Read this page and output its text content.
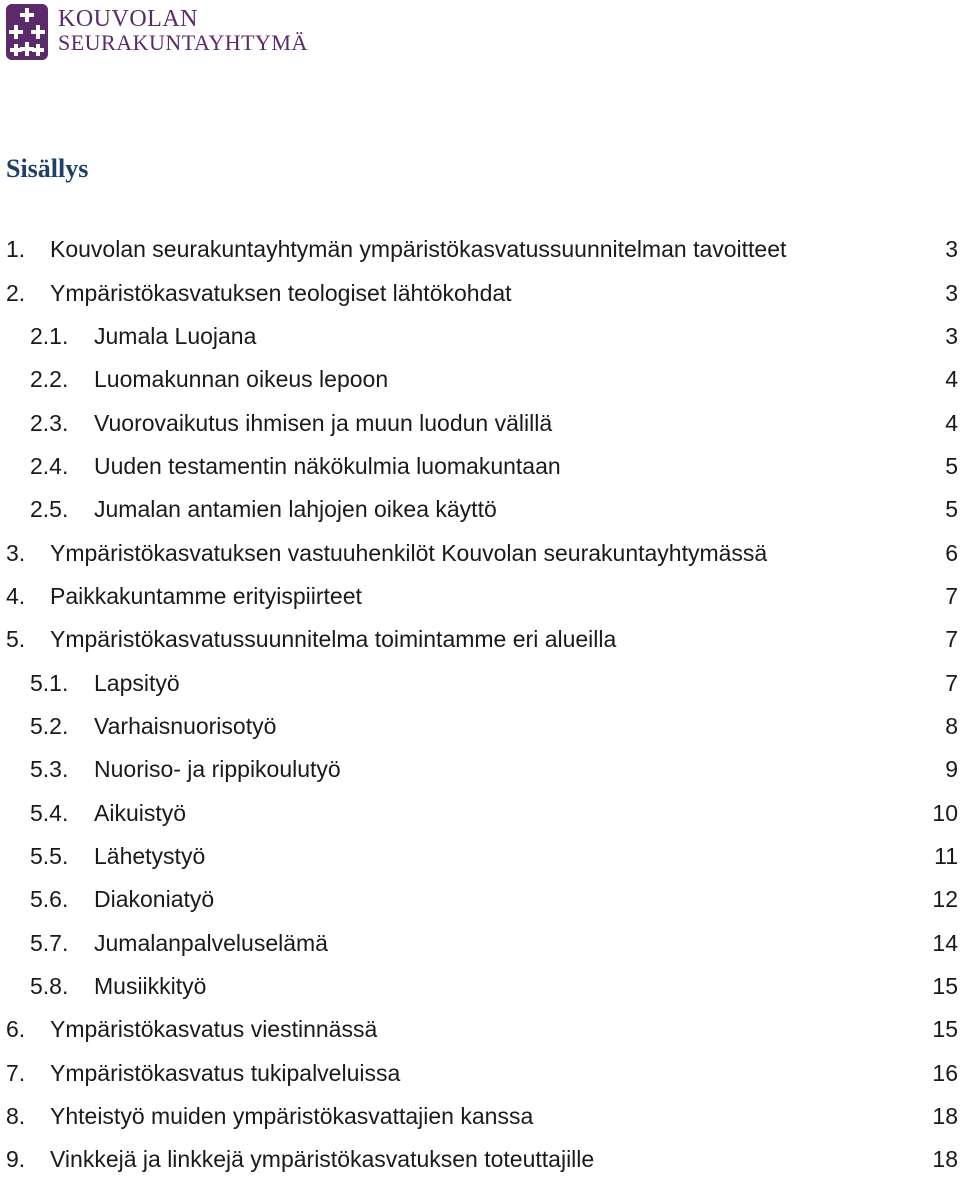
KOUVOLAN
SEURAKUNTAYHTYMÄ
Sisällys
1.	Kouvolan seurakuntayhtymän ympäristökasvatussuunnitelman tavoitteet	3
2.	Ympäristökasvatuksen teologiset lähtökohdat	3
2.1.	Jumala Luojana	3
2.2.	Luomakunnan oikeus lepoon	4
2.3.	Vuorovaikutus ihmisen ja muun luodun välillä	4
2.4.	Uuden testamentin näkökulmia luomakuntaan	5
2.5.	Jumalan antamien lahjojen oikea käyttö	5
3.	Ympäristökasvatuksen vastuuhenkilöt Kouvolan seurakuntayhtymässä	6
4.	Paikkakuntamme erityispiirteet	7
5.	Ympäristökasvatussuunnitelma toimintamme eri alueilla	7
5.1.	Lapsityö	7
5.2.	Varhaisnuorisotyö	8
5.3.	Nuoriso- ja rippikoulutyö	9
5.4.	Aikuistyö	10
5.5.	Lähetystyö	11
5.6.	Diakoniatyö	12
5.7.	Jumalanpalveluselämä	14
5.8.	Musiikkityö	15
6.	Ympäristökasvatus viestinnässä	15
7.	Ympäristökasvatus tukipalveluissa	16
8.	Yhteistyö muiden ympäristökasvattajien kanssa	18
9.	Vinkkejä ja linkkejä ympäristökasvatuksen toteuttajille	18
